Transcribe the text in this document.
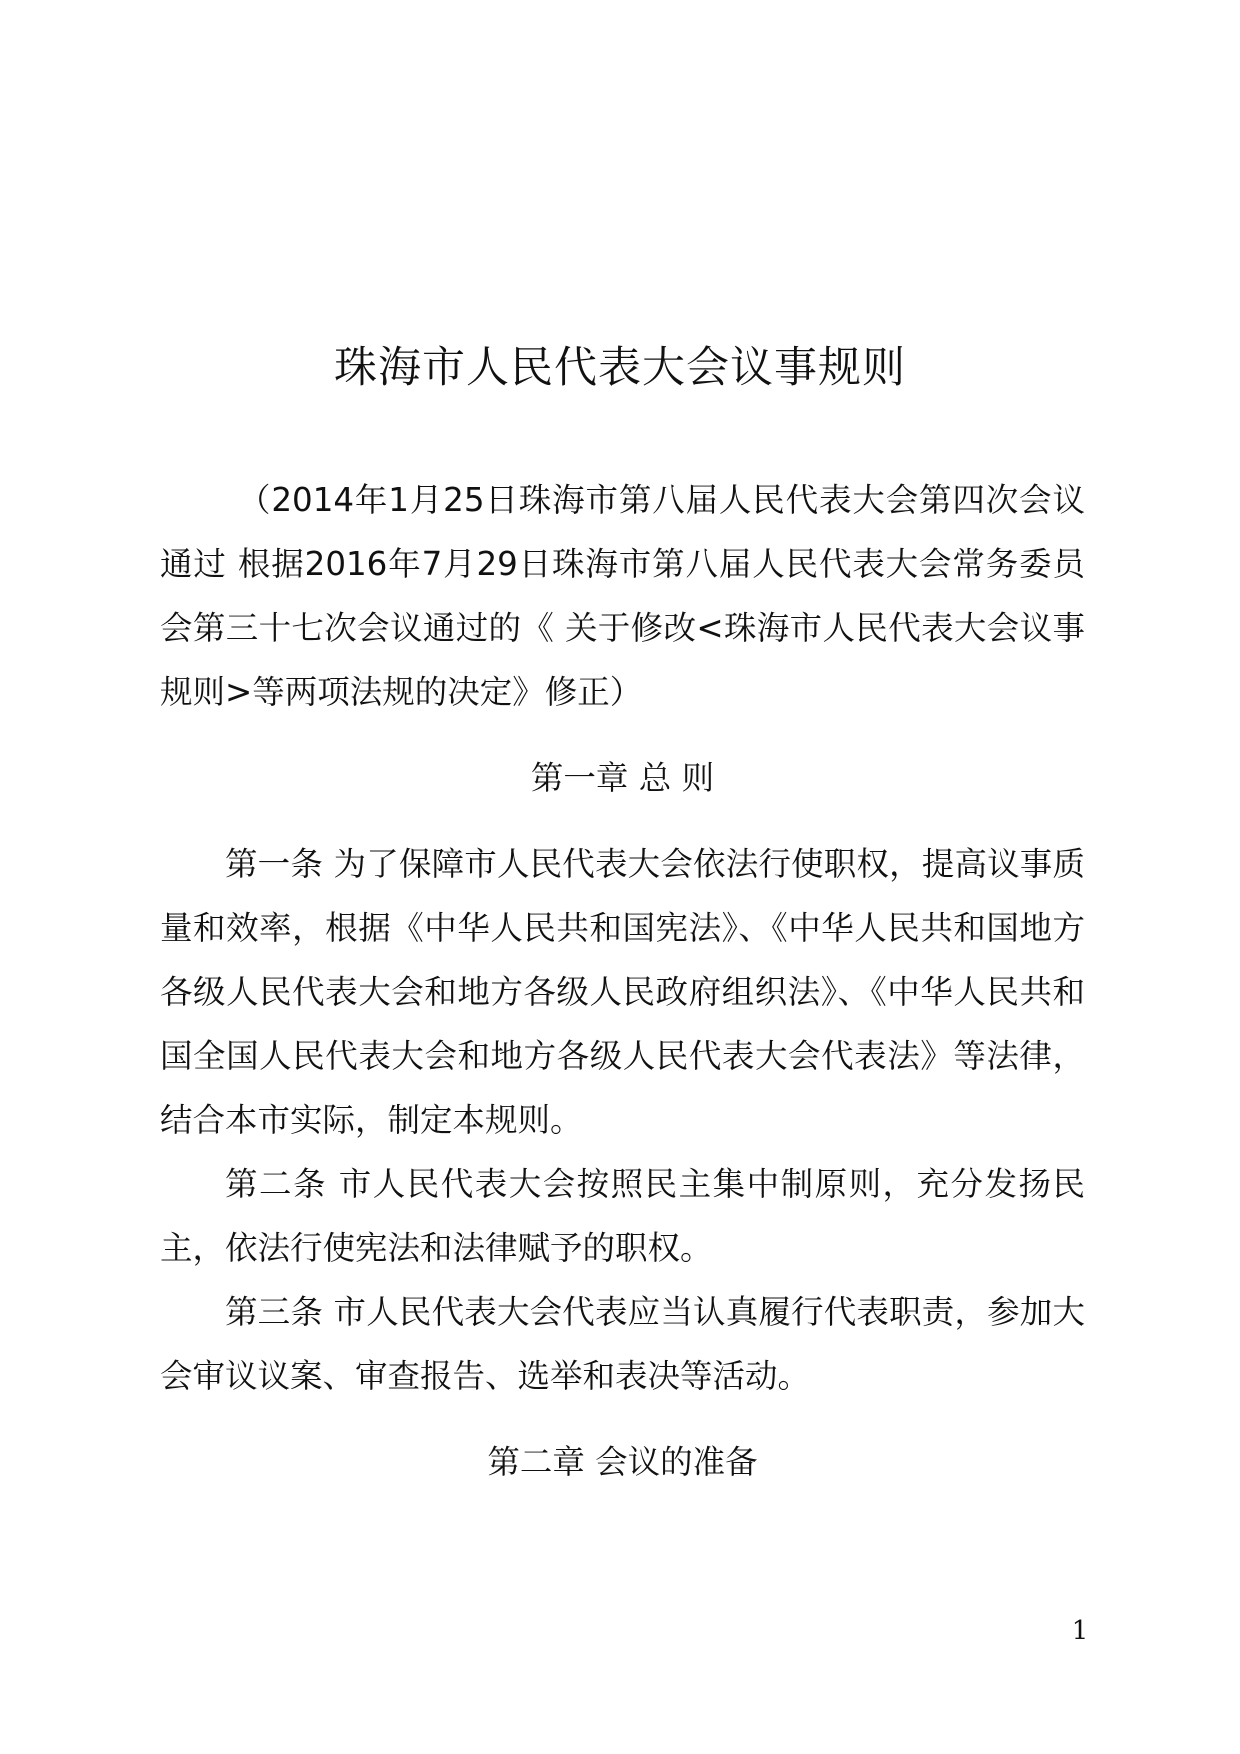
珠海市人民代表大会议事规则

（2014年1月25日珠海市第八届人民代表大会第四次会议通过 根据2016年7月29日珠海市第八届人民代表大会常务委员会第三十七次会议通过的《 关于修改<珠海市人民代表大会议事规则>等两项法规的决定》修正）

第一章 总 则

第一条 为了保障市人民代表大会依法行使职权，提高议事质量和效率，根据《中华人民共和国宪法》、《中华人民共和国地方各级人民代表大会和地方各级人民政府组织法》、《中华人民共和国全国人民代表大会和地方各级人民代表大会代表法》等法律，结合本市实际，制定本规则。

第二条 市人民代表大会按照民主集中制原则，充分发扬民主，依法行使宪法和法律赋予的职权。

第三条 市人民代表大会代表应当认真履行代表职责，参加大会审议议案、审查报告、选举和表决等活动。

第二章 会议的准备

1
